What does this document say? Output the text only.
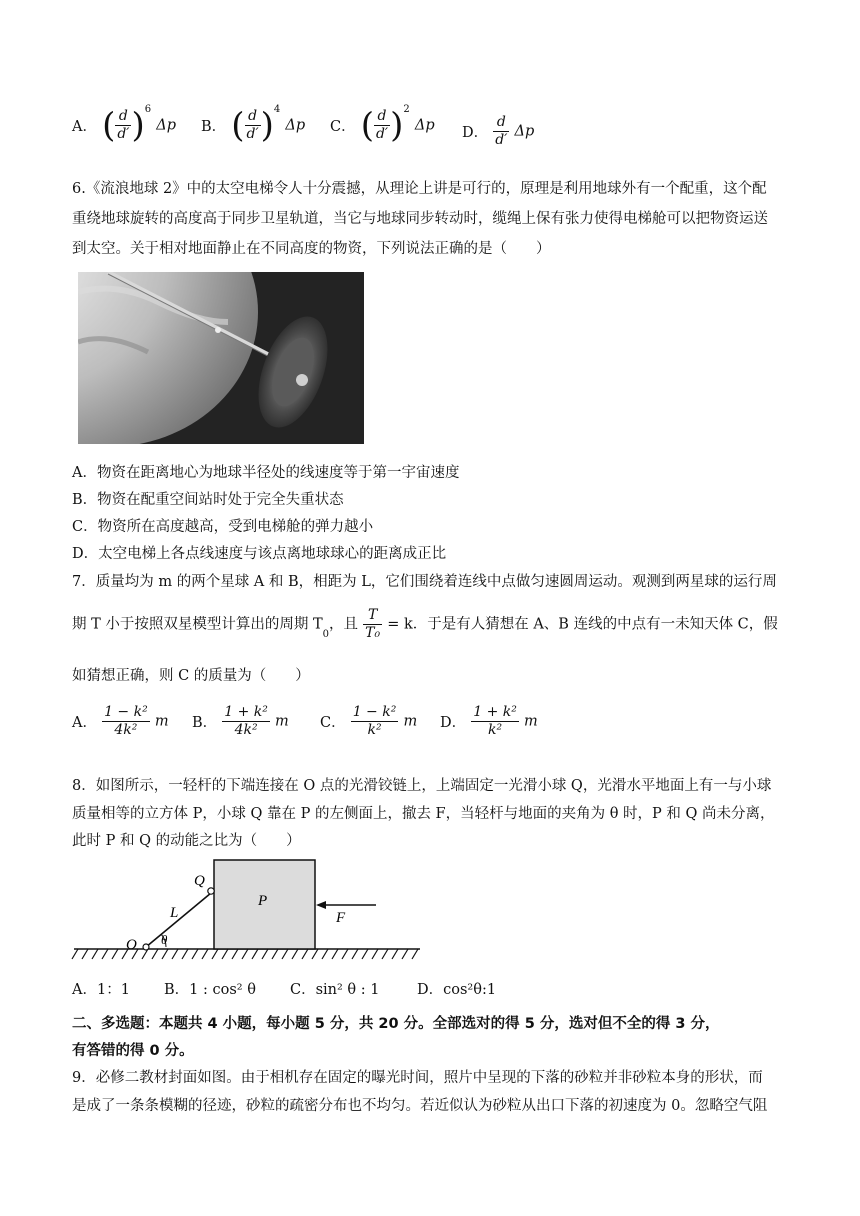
A． ( $\frac{d}{d'} )^6$ Δp B． ( $\frac{d}{d'} )^4$ Δp C． ( $\frac{d}{d'} )^2$ Δp D． $\frac{d}{d'}$ Δp
6.《流浪地球 2》中的太空电梯令人十分震撼，从理论上讲是可行的，原理是利用地球外有一个配重，这个配
重绕地球旋转的高度高于同步卫星轨道，当它与地球同步转动时，缆绳上保有张力使得电梯舱可以把物资运送
到太空。关于相对地面静止在不同高度的物资，下列说法正确的是（　　）
A．物资在距离地心为地球半径处的线速度等于第一宇宙速度
B．物资在配重空间站时处于完全失重状态
C．物资所在高度越高，受到电梯舱的弹力越小
D．太空电梯上各点线速度与该点离地球球心的距离成正比
7．质量均为 m 的两个星球 A 和 B，相距为 L，它们围绕着连线中点做匀速圆周运动。观测到两星球的运行周
期 T 小于按照双星模型计算出的周期 $T_0$，且 $\frac{T}{\text{T₀}} = k$．于是有人猜想在 A、B 连线的中点有一未知天体 C，假
如猜想正确，则 C 的质量为（　　）
A． $\frac{\text{1 − k²}}{\text{4k²}}$ m B． $\frac{\text{1 + k²}}{\text{4k²}}$ m C． $\frac{\text{1 − k²}}{\text{k²}}$ m D． $\frac{\text{1 + k²}}{\text{k²}}$ m
8．如图所示，一轻杆的下端连接在 O 点的光滑铰链上，上端固定一光滑小球 Q，光滑水平地面上有一与小球
质量相等的立方体 P，小球 Q 靠在 P 的左侧面上，撤去 F，当轻杆与地面的夹角为 θ 时，P 和 Q 尚未分离，
此时 P 和 Q 的动能之比为（　　）
O θ
L
Q
P
F
A．1：1 B．1 : cos² θ C．sin² θ : 1	D．cos²θ:1
二、多选题：本题共 4 小题，每小题 5 分，共 20 分。全部选对的得 5 分，选对但不全的得 3 分，
有答错的得 0 分。
9．必修二教材封面如图。由于相机存在固定的曝光时间，照片中呈现的下落的砂粒并非砂粒本身的形状，而
是成了一条条模糊的径迹，砂粒的疏密分布也不均匀。若近似认为砂粒从出口下落的初速度为 0。忽略空气阻
